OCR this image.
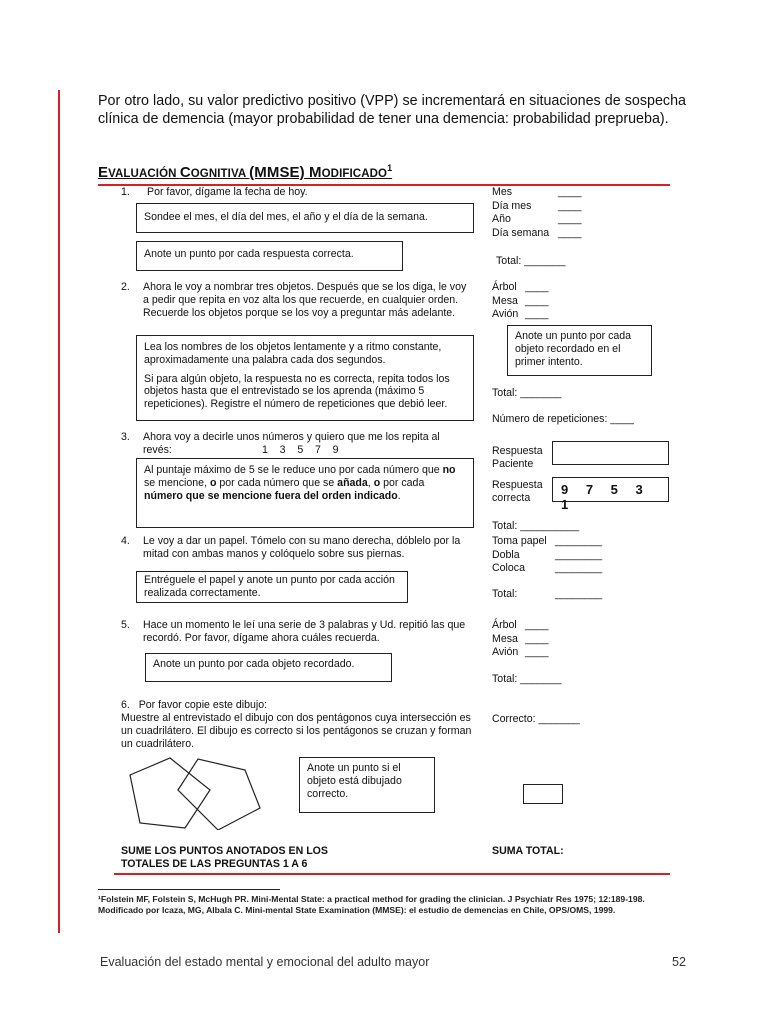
Por otro lado, su valor predictivo positivo (VPP) se incrementará en situaciones de sospecha clínica de demencia (mayor probabilidad de tener una demencia: probabilidad preprueba).
EVALUACIÓN COGNITIVA (MMSE) MODIFICADO$^1$
1. Por favor, dígame la fecha de hoy.
Sondee el mes, el día del mes, el año y el día de la semana.
Anote un punto por cada respuesta correcta.
Mes	____
Día mes	____
Año	____
Día semana ____
Total: _______
2. Ahora le voy a nombrar tres objetos. Después que se los diga, le voy a pedir que repita en voz alta los que recuerde, en cualquier orden. Recuerde los objetos porque se los voy a preguntar más adelante.
Lea los nombres de los objetos lentamente y a ritmo constante, aproximadamente una palabra cada dos segundos.
Si para algún objeto, la respuesta no es correcta, repita todos los objetos hasta que el entrevistado se los aprenda (máximo 5 repeticiones). Registre el número de repeticiones que debió leer.
Árbol ____
Mesa ____
Avión ____
Anote un punto por cada objeto recordado en el primer intento.
Total: _______
Número de repeticiones: ____
3. Ahora voy a decirle unos números y quiero que me los repita al revés:	1    3    5    7    9
Al puntaje máximo de 5 se le reduce uno por cada número que no se mencione, o por cada número que se añada, o por cada número que se mencione fuera del orden indicado.
Respuesta Paciente
Respuesta correcta
9 7 5 3 1
Total: __________
4. Le voy a dar un papel. Tómelo con su mano derecha, dóblelo por la mitad con ambas manos y colóquelo sobre sus piernas.
Entréguele el papel y anote un punto por cada acción realizada correctamente.
Toma papel ________
Dobla	________
Coloca	________
Total:	________
5. Hace un momento le leí una serie de 3 palabras y Ud. repitió las que recordó. Por favor, dígame ahora cuáles recuerda.
Anote un punto por cada objeto recordado.
Árbol ____
Mesa ____
Avión ____
Total: _______
6. Por favor copie este dibujo:
Muestre al entrevistado el dibujo con dos pentágonos cuya intersección es un cuadrilátero. El dibujo es correcto si los pentágonos se cruzan y forman un cuadrilátero.
Correcto: _______
Anote un punto si el objeto está dibujado correcto.
SUME LOS PUNTOS ANOTADOS EN LOS TOTALES DE LAS PREGUNTAS 1 A 6
SUMA TOTAL:
¹Folstein MF, Folstein S, McHugh PR. Mini-Mental State: a practical method for grading the clinician. J Psychiatr Res 1975; 12:189-198. Modificado por Icaza, MG, Albala C. Mini-mental State Examination (MMSE): el estudio de demencias en Chile, OPS/OMS, 1999.
Evaluación del estado mental y emocional del adulto mayor	52
